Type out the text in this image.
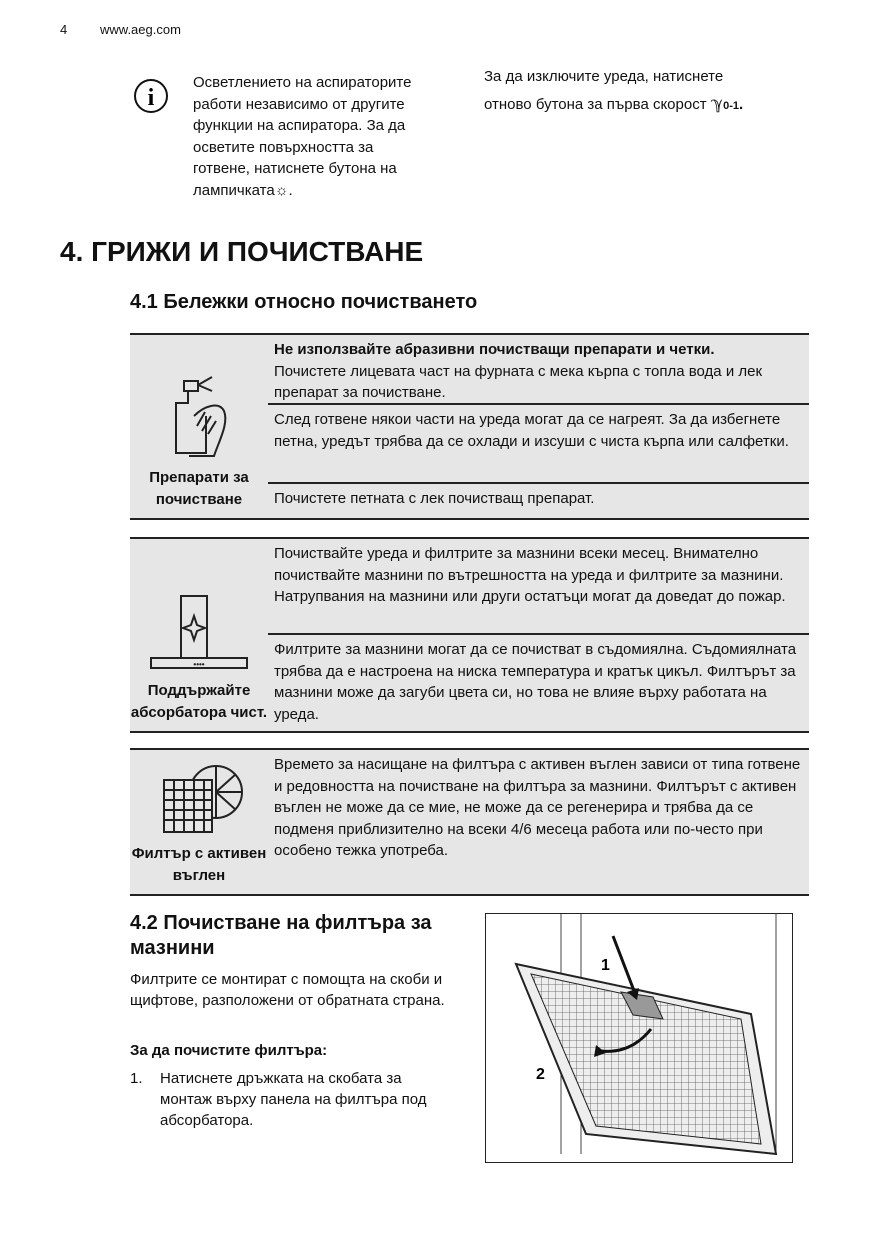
4	www.aeg.com
i
Осветлението на аспираторите работи независимо от другите функции на аспиратора. За да осветите повърхността за готвене, натиснете бутона на лампичката☼.
За да изключите уреда, натиснете
отново бутона за първа скорост ℽ0-1.
4. ГРИЖИ И ПОЧИСТВАНЕ
4.1 Бележки относно почистването
Препарати за почистване
Не използвайте абразивни почистващи препарати и четки.
Почистете лицевата част на фурната с мека кърпа с топла вода и лек препарат за почистване.
След готвене някои части на уреда могат да се нагреят. За да избегнете петна, уредът трябва да се охлади и изсуши с чиста кърпа или салфетки.
Почистете петната с лек почистващ препарат.
••••
Поддържайте абсорбатора чист.
Почиствайте уреда и филтрите за мазнини всеки месец. Внимателно почиствайте мазнини по вътрешността на уреда и филтрите за мазнини. Натрупвания на мазнини или други остатъци могат да доведат до пожар.
Филтрите за мазнини могат да се почистват в съдомиялна. Съдомиялната трябва да е настроена на ниска температура и кратък цикъл. Филтърът за мазнини може да загуби цвета си, но това не влияе върху работата на уреда.
Филтър с активен въглен
Времето за насищане на филтъра с активен въглен зависи от типа готвене и редовността на почистване на филтъра за мазнини. Филтърът с активен въглен не може да се мие, не може да се регенерира и трябва да се подменя приблизително на всеки 4/6 месеца работа или по-често при особено тежка употреба.
4.2 Почистване на филтъра за мазнини
Филтрите се монтират с помощта на скоби и щифтове, разположени от обратната страна.
За да почистите филтъра:
1.	Натиснете дръжката на скобата за монтаж върху панела на филтъра под абсорбатора.
1
2
